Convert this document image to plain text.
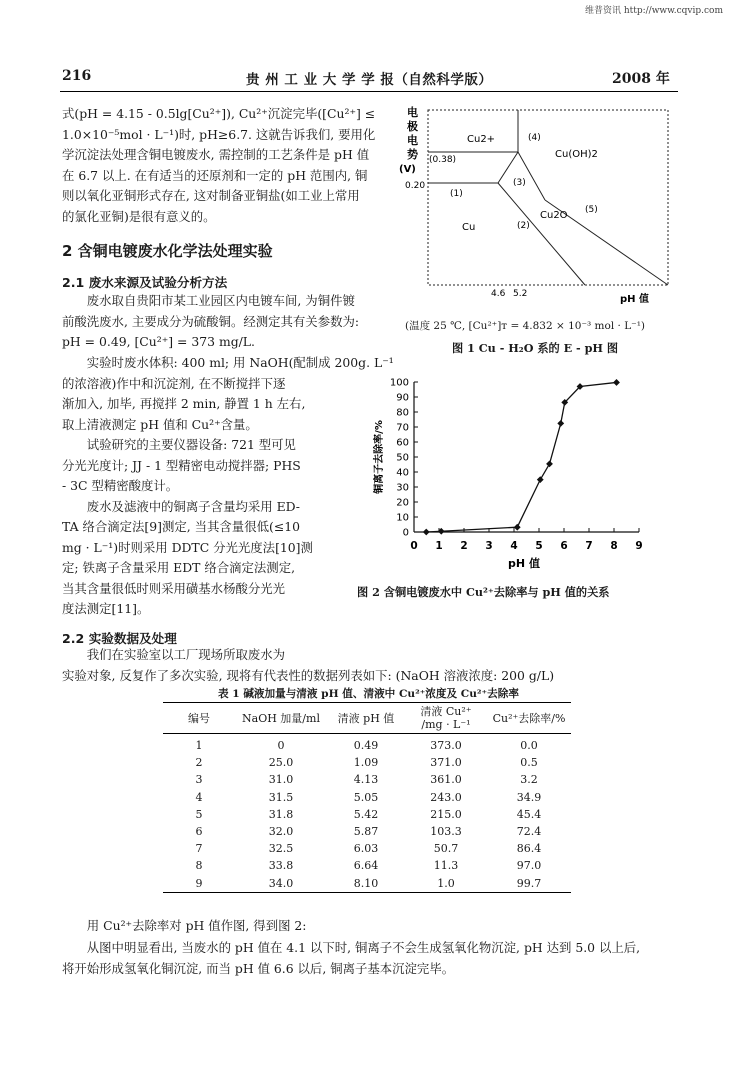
维普资讯 http://www.cqvip.com
216	贵 州 工 业 大 学 学 报（自然科学版）	2008 年
式(pH = 4.15 - 0.5lg[Cu²⁺]), Cu²⁺沉淀完毕([Cu²⁺] ≤
1.0×10⁻⁵mol · L⁻¹)时, pH≥6.7. 这就告诉我们, 要用化
学沉淀法处理含铜电镀废水, 需控制的工艺条件是 pH 值
在 6.7 以上. 在有适当的还原剂和一定的 pH 范围内, 铜
则以氧化亚铜形式存在, 这对制备亚铜盐(如工业上常用
的氯化亚铜)是很有意义的。
2 含铜电镀废水化学法处理实验
2.1 废水来源及试验分析方法
　　废水取自贵阳市某工业园区内电镀车间, 为铜件镀
前酸洗废水, 主要成分为硫酸铜。经测定其有关参数为:
pH = 0.49, [Cu²⁺] = 373 mg/L.
　　实验时废水体积: 400 ml; 用 NaOH(配制成 200g. L⁻¹
的浓溶液)作中和沉淀剂, 在不断搅拌下逐
渐加入, 加毕, 再搅拌 2 min, 静置 1 h 左右,
取上清液测定 pH 值和 Cu²⁺含量。
　　试验研究的主要仪器设备: 721 型可见
分光光度计; JJ - 1 型精密电动搅拌器; PHS
- 3C 型精密酸度计。
　　废水及滤液中的铜离子含量均采用 ED-
TA 络合滴定法[9]测定, 当其含量很低(≤10
mg · L⁻¹)时则采用 DDTC 分光光度法[10]测
定; 铁离子含量采用 EDT 络合滴定法测定,
当其含量很低时则采用磺基水杨酸分光光
度法测定[11]。
2.2 实验数据及处理
　　我们在实验室以工厂现场所取废水为
实验对象, 反复作了多次实验, 现将有代表性的数据列表如下: (NaOH 溶液浓度: 200 g/L)
电
极
电
势
(V)
(0.38)
0.20
Cu2+
Cu(OH)2
Cu2O
Cu
(1)
(2)
(3)
(4)
(5)
4.6 5.2	pH 值
(温度 25 ℃, [Cu²⁺]ᴛ = 4.832 × 10⁻³ mol · L⁻¹)
图 1 Cu - H₂O 系的 E - pH 图
铜离子去除率/%
pH 值
0
10
20
30
40
50
60
70
80
90
100
0 1 2 3 4 5 6 7 8 9
图 2 含铜电镀废水中 Cu²⁺去除率与 pH 值的关系
表 1 碱液加量与清液 pH 值、清液中 Cu²⁺浓度及 Cu²⁺去除率
编号	NaOH 加量/ml	清液 pH 值	清液 Cu²⁺
/mg · L⁻¹	Cu²⁺去除率/%
1	0	0.49	373.0	0.0
2	25.0	1.09	371.0	0.5
3	31.0	4.13	361.0	3.2
4	31.5	5.05	243.0	34.9
5	31.8	5.42	215.0	45.4
6	32.0	5.87	103.3	72.4
7	32.5	6.03	50.7	86.4
8	33.8	6.64	11.3	97.0
9	34.0	8.10	1.0	99.7
　　用 Cu²⁺去除率对 pH 值作图, 得到图 2:
　　从图中明显看出, 当废水的 pH 值在 4.1 以下时, 铜离子不会生成氢氧化物沉淀, pH 达到 5.0 以上后,
将开始形成氢氧化铜沉淀, 而当 pH 值 6.6 以后, 铜离子基本沉淀完毕。
